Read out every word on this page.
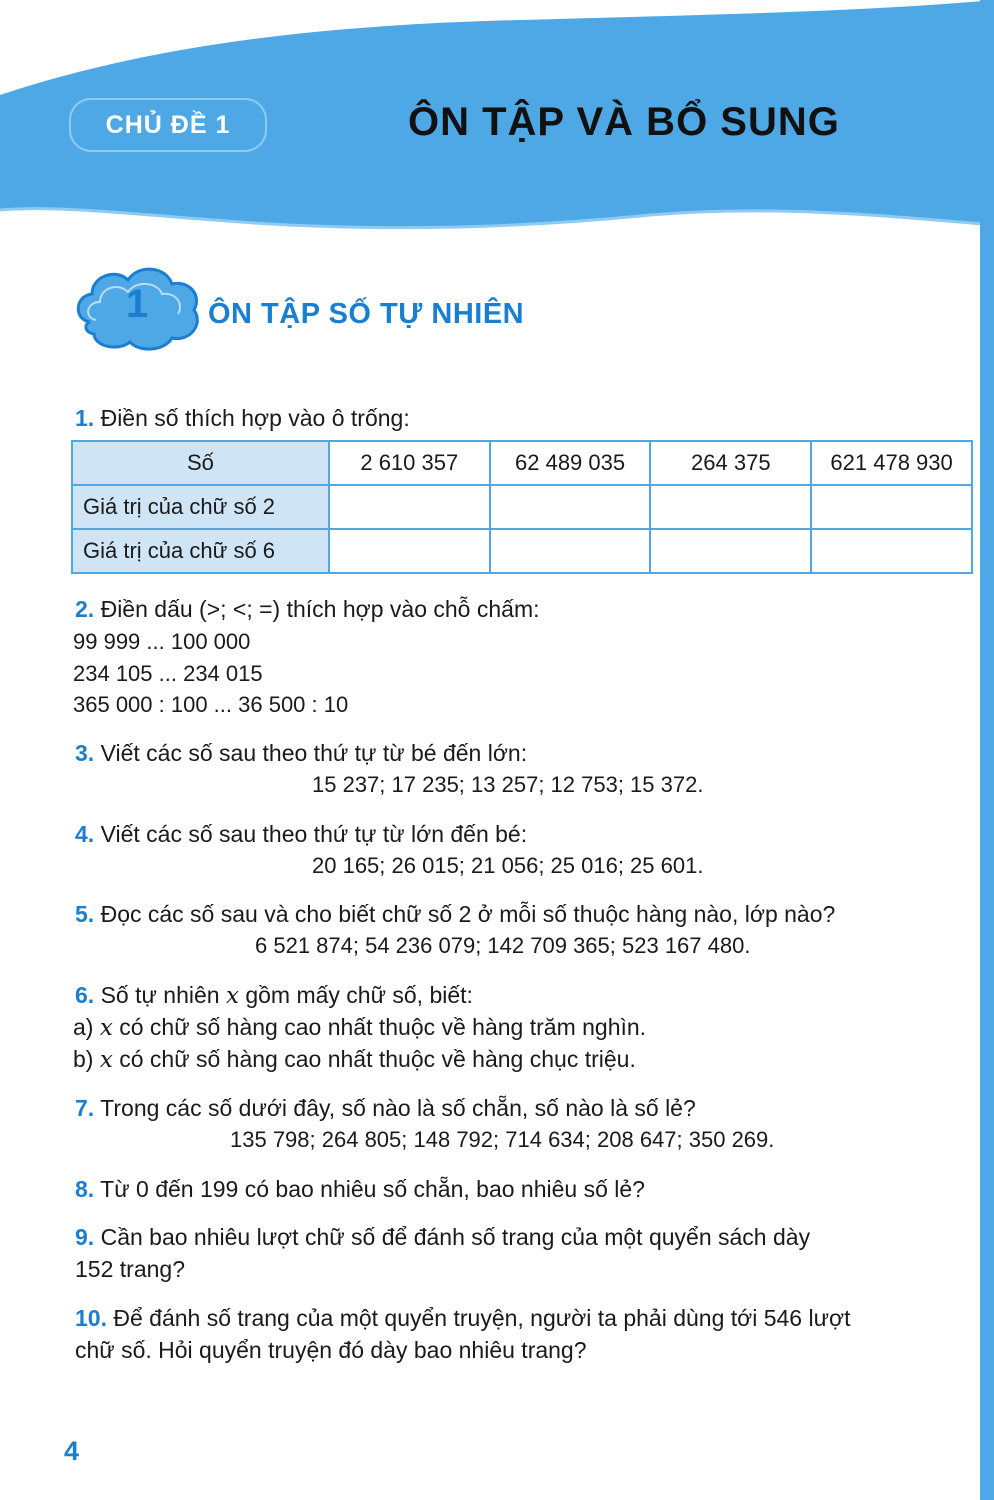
CHỦ ĐỀ 1	ÔN TẬP VÀ BỔ SUNG
1	ÔN TẬP SỐ TỰ NHIÊN
1. Điền số thích hợp vào ô trống:
Số	2 610 357	62 489 035	264 375	621 478 930
Giá trị của chữ số 2				
Giá trị của chữ số 6				
2. Điền dấu (>; <; =) thích hợp vào chỗ chấm:
99 999 ... 100 000
234 105 ... 234 015
365 000 : 100 ... 36 500 : 10
3. Viết các số sau theo thứ tự từ bé đến lớn:
15 237; 17 235; 13 257; 12 753; 15 372.
4. Viết các số sau theo thứ tự từ lớn đến bé:
20 165; 26 015; 21 056; 25 016; 25 601.
5. Đọc các số sau và cho biết chữ số 2 ở mỗi số thuộc hàng nào, lớp nào?
6 521 874; 54 236 079; 142 709 365; 523 167 480.
6. Số tự nhiên x gồm mấy chữ số, biết:
a) x có chữ số hàng cao nhất thuộc về hàng trăm nghìn.
b) x có chữ số hàng cao nhất thuộc về hàng chục triệu.
7. Trong các số dưới đây, số nào là số chẵn, số nào là số lẻ?
135 798; 264 805; 148 792; 714 634; 208 647; 350 269.
8. Từ 0 đến 199 có bao nhiêu số chẵn, bao nhiêu số lẻ?
9. Cần bao nhiêu lượt chữ số để đánh số trang của một quyển sách dày
152 trang?
10. Để đánh số trang của một quyển truyện, người ta phải dùng tới 546 lượt
chữ số. Hỏi quyển truyện đó dày bao nhiêu trang?
4
